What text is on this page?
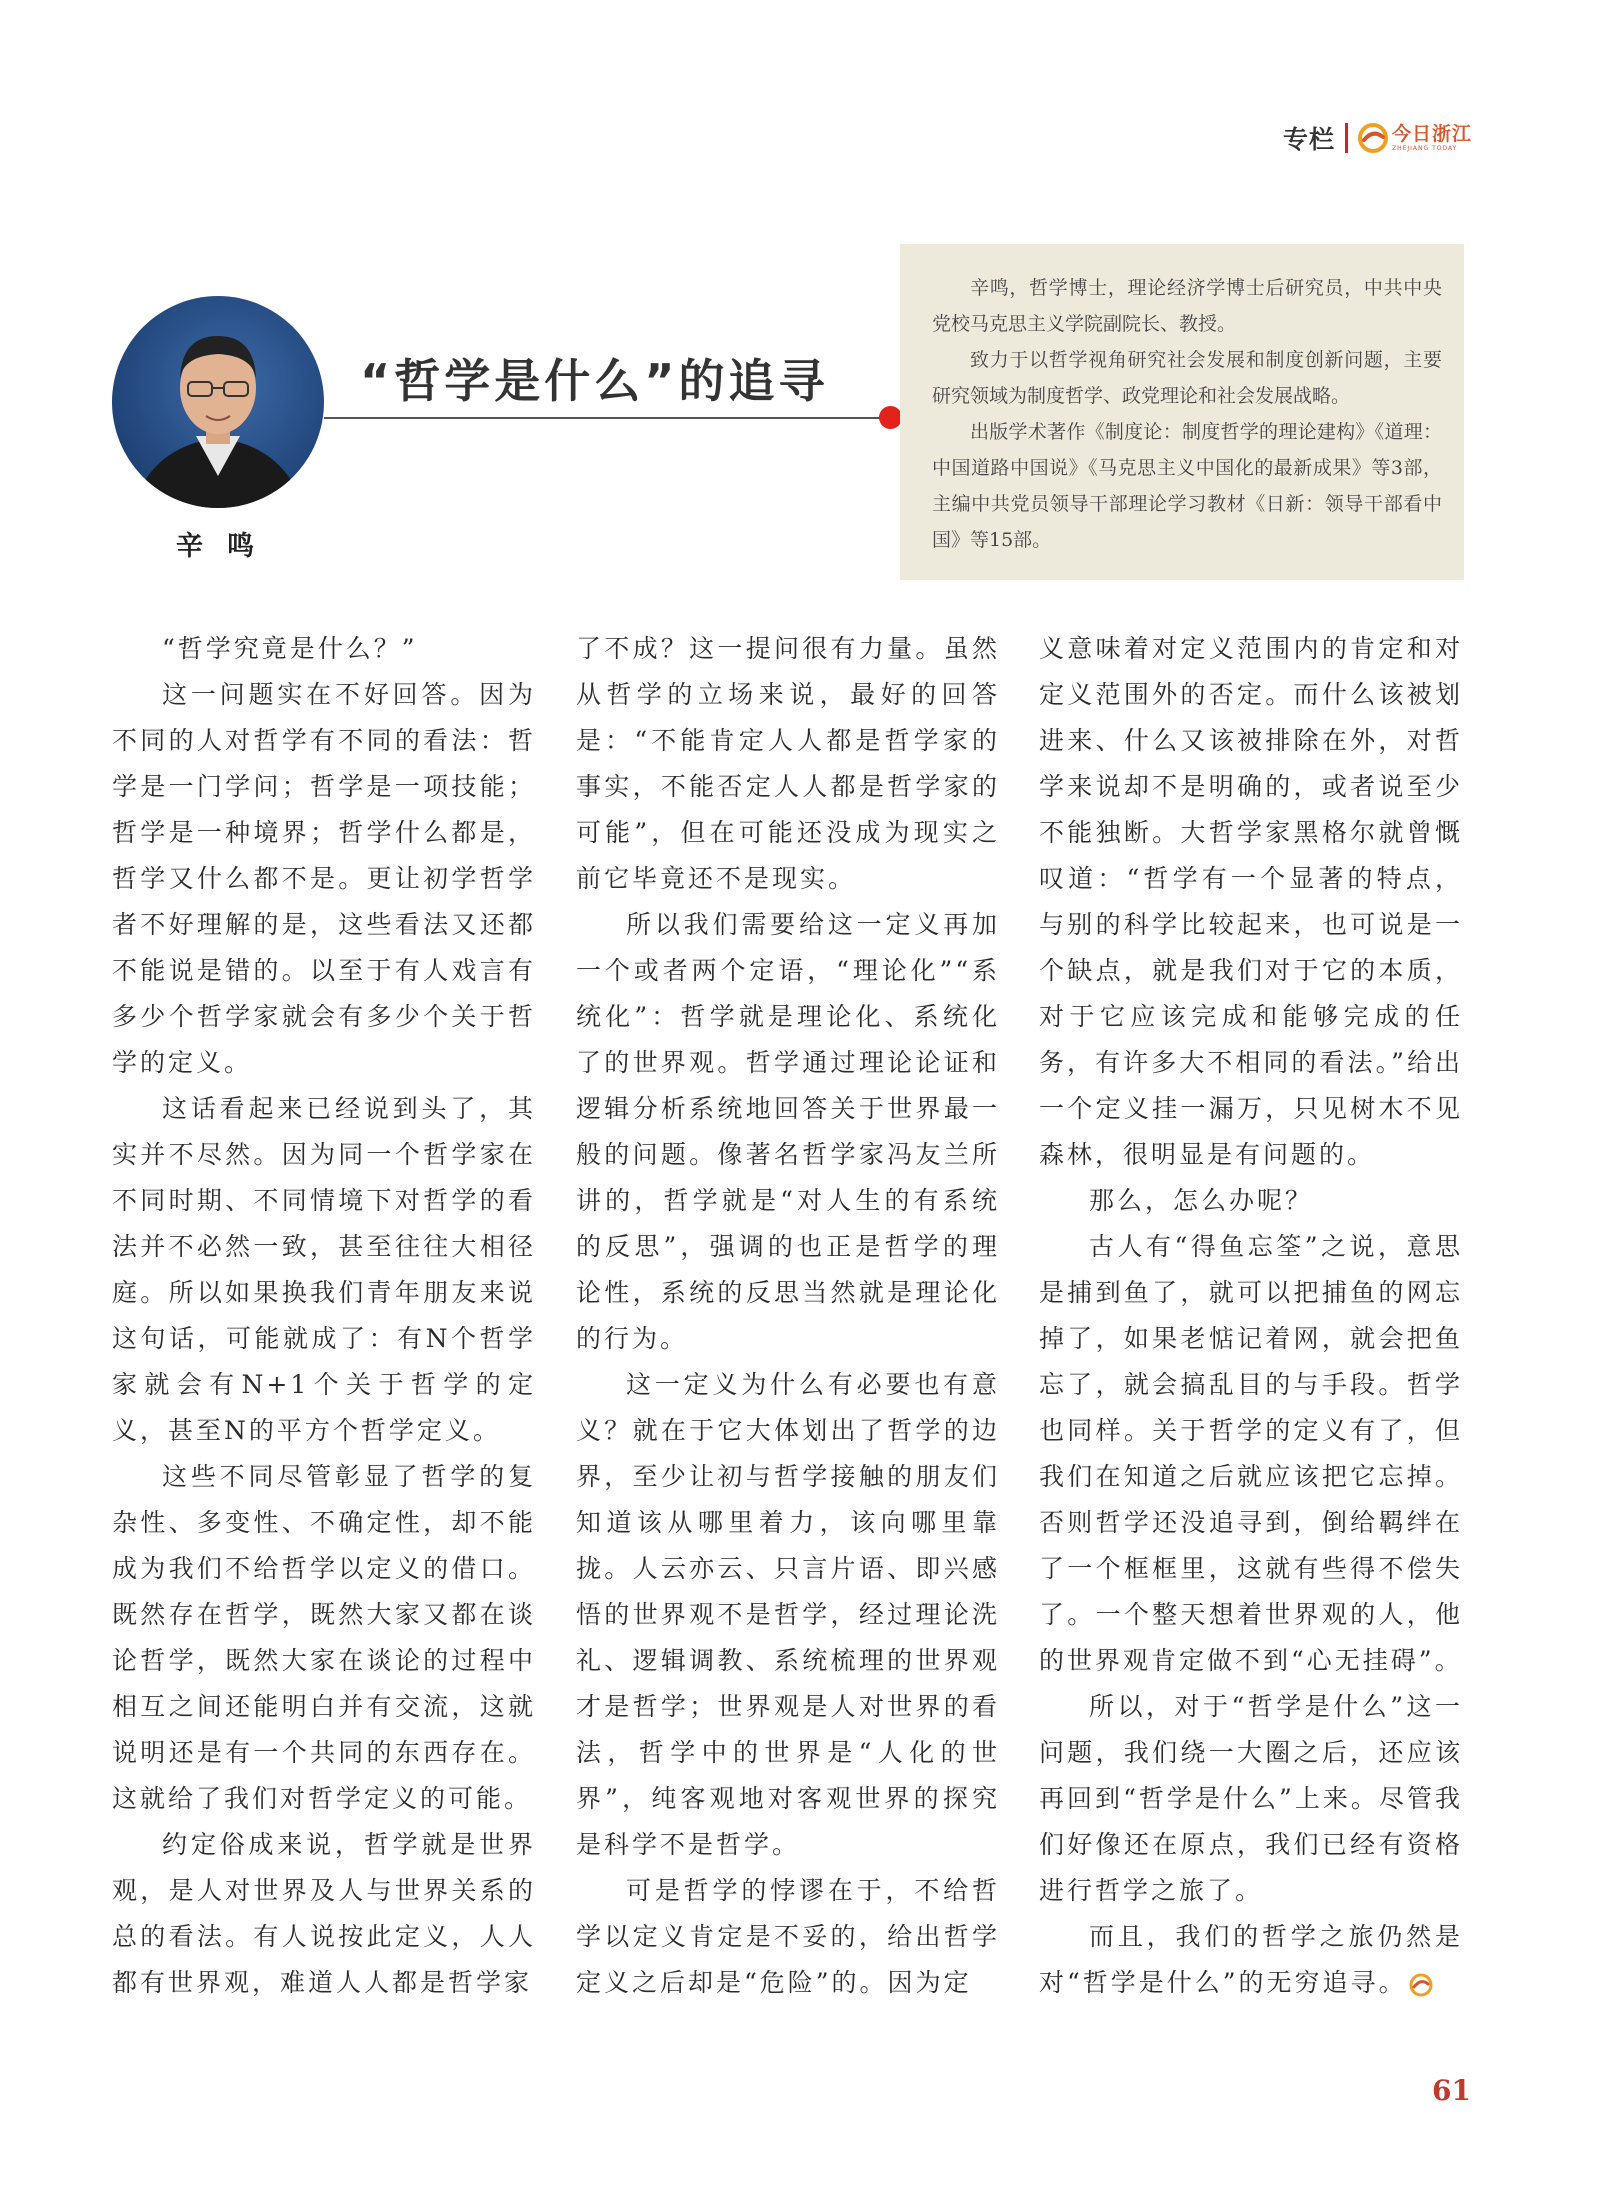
专栏	今日浙江
ZHEJIANG TODAY
辛鸣
“哲学是什么”的追寻

辛鸣，哲学博士，理论经济学博士后研究员，中共中央党校马克思主义学院副院长、教授。

致力于以哲学视角研究社会发展和制度创新问题，主要研究领域为制度哲学、政党理论和社会发展战略。

出版学术著作《制度论：制度哲学的理论建构》《道理：中国道路中国说》《马克思主义中国化的最新成果》等3部，主编中共党员领导干部理论学习教材《日新：领导干部看中国》等15部。

“哲学究竟是什么？”

这一问题实在不好回答。因为不同的人对哲学有不同的看法：哲学是一门学问；哲学是一项技能；哲学是一种境界；哲学什么都是，哲学又什么都不是。更让初学哲学者不好理解的是，这些看法又还都不能说是错的。以至于有人戏言有多少个哲学家就会有多少个关于哲学的定义。

这话看起来已经说到头了，其实并不尽然。因为同一个哲学家在不同时期、不同情境下对哲学的看法并不必然一致，甚至往往大相径庭。所以如果换我们青年朋友来说这句话，可能就成了：有N个哲学家就会有N+1个关于哲学的定义，甚至N的平方个哲学定义。

这些不同尽管彰显了哲学的复杂性、多变性、不确定性，却不能成为我们不给哲学以定义的借口。既然存在哲学，既然大家又都在谈论哲学，既然大家在谈论的过程中相互之间还能明白并有交流，这就说明还是有一个共同的东西存在。这就给了我们对哲学定义的可能。

约定俗成来说，哲学就是世界观，是人对世界及人与世界关系的总的看法。有人说按此定义，人人都有世界观，难道人人都是哲学家

了不成？这一提问很有力量。虽然从哲学的立场来说，最好的回答是：“不能肯定人人都是哲学家的事实，不能否定人人都是哲学家的可能”，但在可能还没成为现实之前它毕竟还不是现实。

所以我们需要给这一定义再加一个或者两个定语，“理论化”“系统化”：哲学就是理论化、系统化了的世界观。哲学通过理论论证和逻辑分析系统地回答关于世界最一般的问题。像著名哲学家冯友兰所讲的，哲学就是“对人生的有系统的反思”，强调的也正是哲学的理论性，系统的反思当然就是理论化的行为。

这一定义为什么有必要也有意义？就在于它大体划出了哲学的边界，至少让初与哲学接触的朋友们知道该从哪里着力，该向哪里靠拢。人云亦云、只言片语、即兴感悟的世界观不是哲学，经过理论洗礼、逻辑调教、系统梳理的世界观才是哲学；世界观是人对世界的看法，哲学中的世界是“人化的世界”，纯客观地对客观世界的探究是科学不是哲学。

可是哲学的悖谬在于，不给哲学以定义肯定是不妥的，给出哲学定义之后却是“危险”的。因为定

义意味着对定义范围内的肯定和对定义范围外的否定。而什么该被划进来、什么又该被排除在外，对哲学来说却不是明确的，或者说至少不能独断。大哲学家黑格尔就曾慨叹道：“哲学有一个显著的特点，与别的科学比较起来，也可说是一个缺点，就是我们对于它的本质，对于它应该完成和能够完成的任务，有许多大不相同的看法。”给出一个定义挂一漏万，只见树木不见森林，很明显是有问题的。

那么，怎么办呢？

古人有“得鱼忘筌”之说，意思是捕到鱼了，就可以把捕鱼的网忘掉了，如果老惦记着网，就会把鱼忘了，就会搞乱目的与手段。哲学也同样。关于哲学的定义有了，但我们在知道之后就应该把它忘掉。否则哲学还没追寻到，倒给羁绊在了一个框框里，这就有些得不偿失了。一个整天想着世界观的人，他的世界观肯定做不到“心无挂碍”。

所以，对于“哲学是什么”这一问题，我们绕一大圈之后，还应该再回到“哲学是什么”上来。尽管我们好像还在原点，我们已经有资格进行哲学之旅了。

而且，我们的哲学之旅仍然是对“哲学是什么”的无穷追寻。

61
